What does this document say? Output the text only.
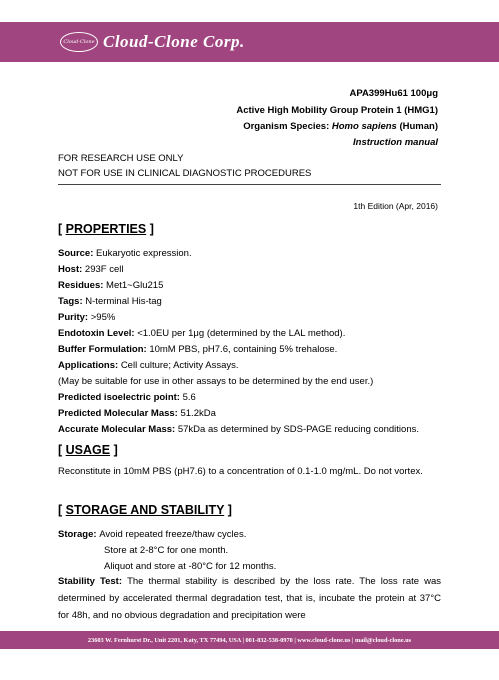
Cloud-Clone Cloud-Clone Corp.
APA399Hu61 100μg
Active High Mobility Group Protein 1 (HMG1)
Organism Species: Homo sapiens (Human)
Instruction manual
FOR RESEARCH USE ONLY
NOT FOR USE IN CLINICAL DIAGNOSTIC PROCEDURES
1th Edition (Apr, 2016)
[ PROPERTIES ]
Source: Eukaryotic expression.
Host: 293F cell
Residues: Met1~Glu215
Tags: N-terminal His-tag
Purity: >95%
Endotoxin Level: <1.0EU per 1μg (determined by the LAL method).
Buffer Formulation: 10mM PBS, pH7.6, containing 5% trehalose.
Applications: Cell culture; Activity Assays.
(May be suitable for use in other assays to be determined by the end user.)
Predicted isoelectric point: 5.6
Predicted Molecular Mass: 51.2kDa
Accurate Molecular Mass: 57kDa as determined by SDS-PAGE reducing conditions.
[ USAGE ]
Reconstitute in 10mM PBS (pH7.6) to a concentration of 0.1-1.0 mg/mL. Do not vortex.
[ STORAGE AND STABILITY ]
Storage: Avoid repeated freeze/thaw cycles.
Store at 2-8°C for one month.
Aliquot and store at -80°C for 12 months.
Stability Test: The thermal stability is described by the loss rate. The loss rate was determined by accelerated thermal degradation test, that is, incubate the protein at 37°C for 48h, and no obvious degradation and precipitation were
23603 W. Fernhurst Dr., Unit 2201, Katy, TX 77494, USA | 001-832-538-0970 | www.cloud-clone.us | mail@cloud-clone.us
